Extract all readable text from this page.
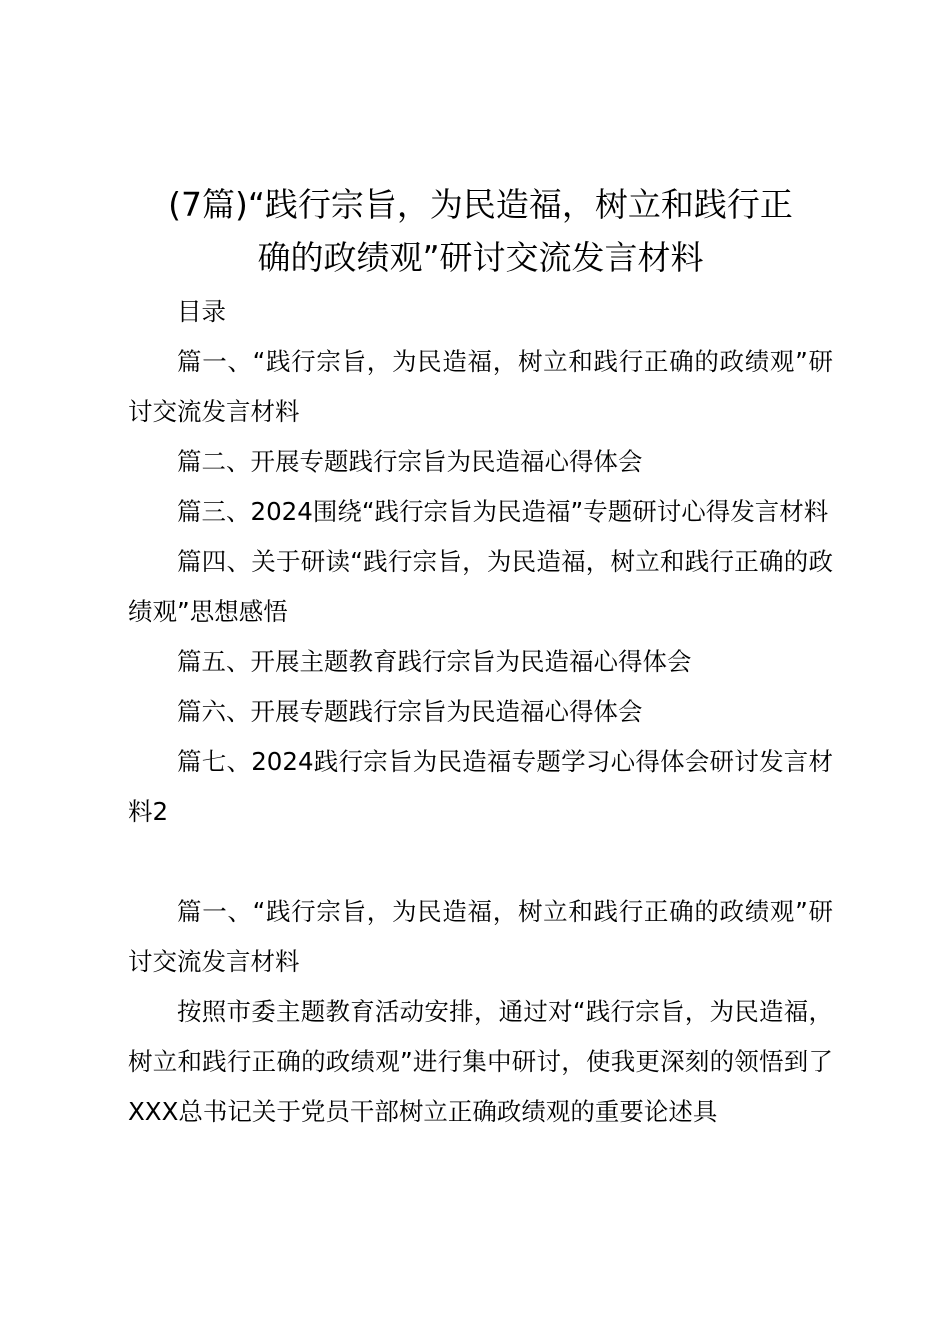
(7篇)“践行宗旨，为民造福，树立和践行正
确的政绩观”研讨交流发言材料

目录

篇一、“践行宗旨，为民造福，树立和践行正确的政绩观”研讨交流发言材料

篇二、开展专题践行宗旨为民造福心得体会

篇三、2024围绕“践行宗旨为民造福”专题研讨心得发言材料

篇四、关于研读“践行宗旨，为民造福，树立和践行正确的政绩观”思想感悟

篇五、开展主题教育践行宗旨为民造福心得体会

篇六、开展专题践行宗旨为民造福心得体会

篇七、2024践行宗旨为民造福专题学习心得体会研讨发言材料2

篇一、“践行宗旨，为民造福，树立和践行正确的政绩观”研讨交流发言材料

按照市委主题教育活动安排，通过对“践行宗旨，为民造福，树立和践行正确的政绩观”进行集中研讨，使我更深刻的领悟到了XXX总书记关于党员干部树立正确政绩观的重要论述具
